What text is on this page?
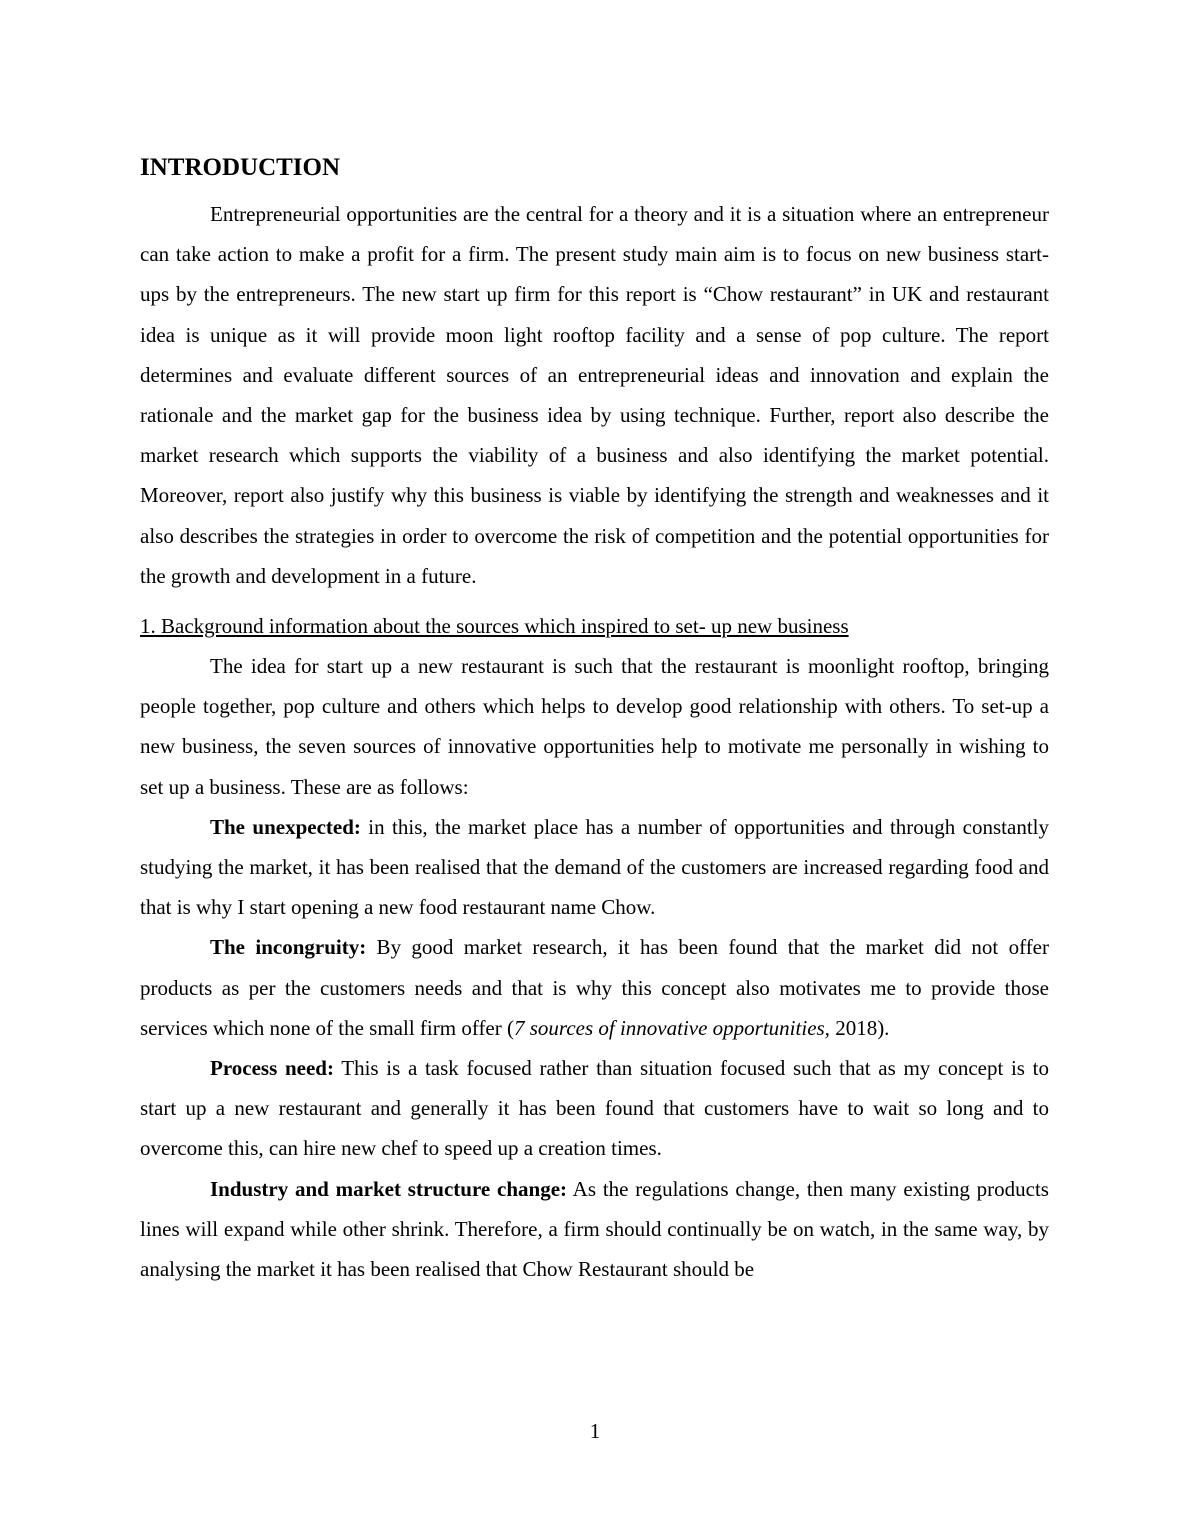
INTRODUCTION

Entrepreneurial opportunities are the central for a theory and it is a situation where an entrepreneur can take action to make a profit for a firm. The present study main aim is to focus on new business start- ups by the entrepreneurs. The new start up firm for this report is “Chow restaurant” in UK and restaurant idea is unique as it will provide moon light rooftop facility and a sense of pop culture. The report determines and evaluate different sources of an entrepreneurial ideas and innovation and explain the rationale and the market gap for the business idea by using technique. Further, report also describe the market research which supports the viability of a business and also identifying the market potential. Moreover, report also justify why this business is viable by identifying the strength and weaknesses and it also describes the strategies in order to overcome the risk of competition and the potential opportunities for the growth and development in a future.

1. Background information about the sources which inspired to set- up new business

The idea for start up a new restaurant is such that the restaurant is moonlight rooftop, bringing people together, pop culture and others which helps to develop good relationship with others. To set-up a new business, the seven sources of innovative opportunities help to motivate me personally in wishing to set up a business. These are as follows:

The unexpected: in this, the market place has a number of opportunities and through constantly studying the market, it has been realised that the demand of the customers are increased regarding food and that is why I start opening a new food restaurant name Chow.

The incongruity: By good market research, it has been found that the market did not offer products as per the customers needs and that is why this concept also motivates me to provide those services which none of the small firm offer (7 sources of innovative opportunities, 2018).

Process need: This is a task focused rather than situation focused such that as my concept is to start up a new restaurant and generally it has been found that customers have to wait so long and to overcome this, can hire new chef to speed up a creation times.

Industry and market structure change: As the regulations change, then many existing products lines will expand while other shrink. Therefore, a firm should continually be on watch, in the same way, by analysing the market it has been realised that Chow Restaurant should be

1
